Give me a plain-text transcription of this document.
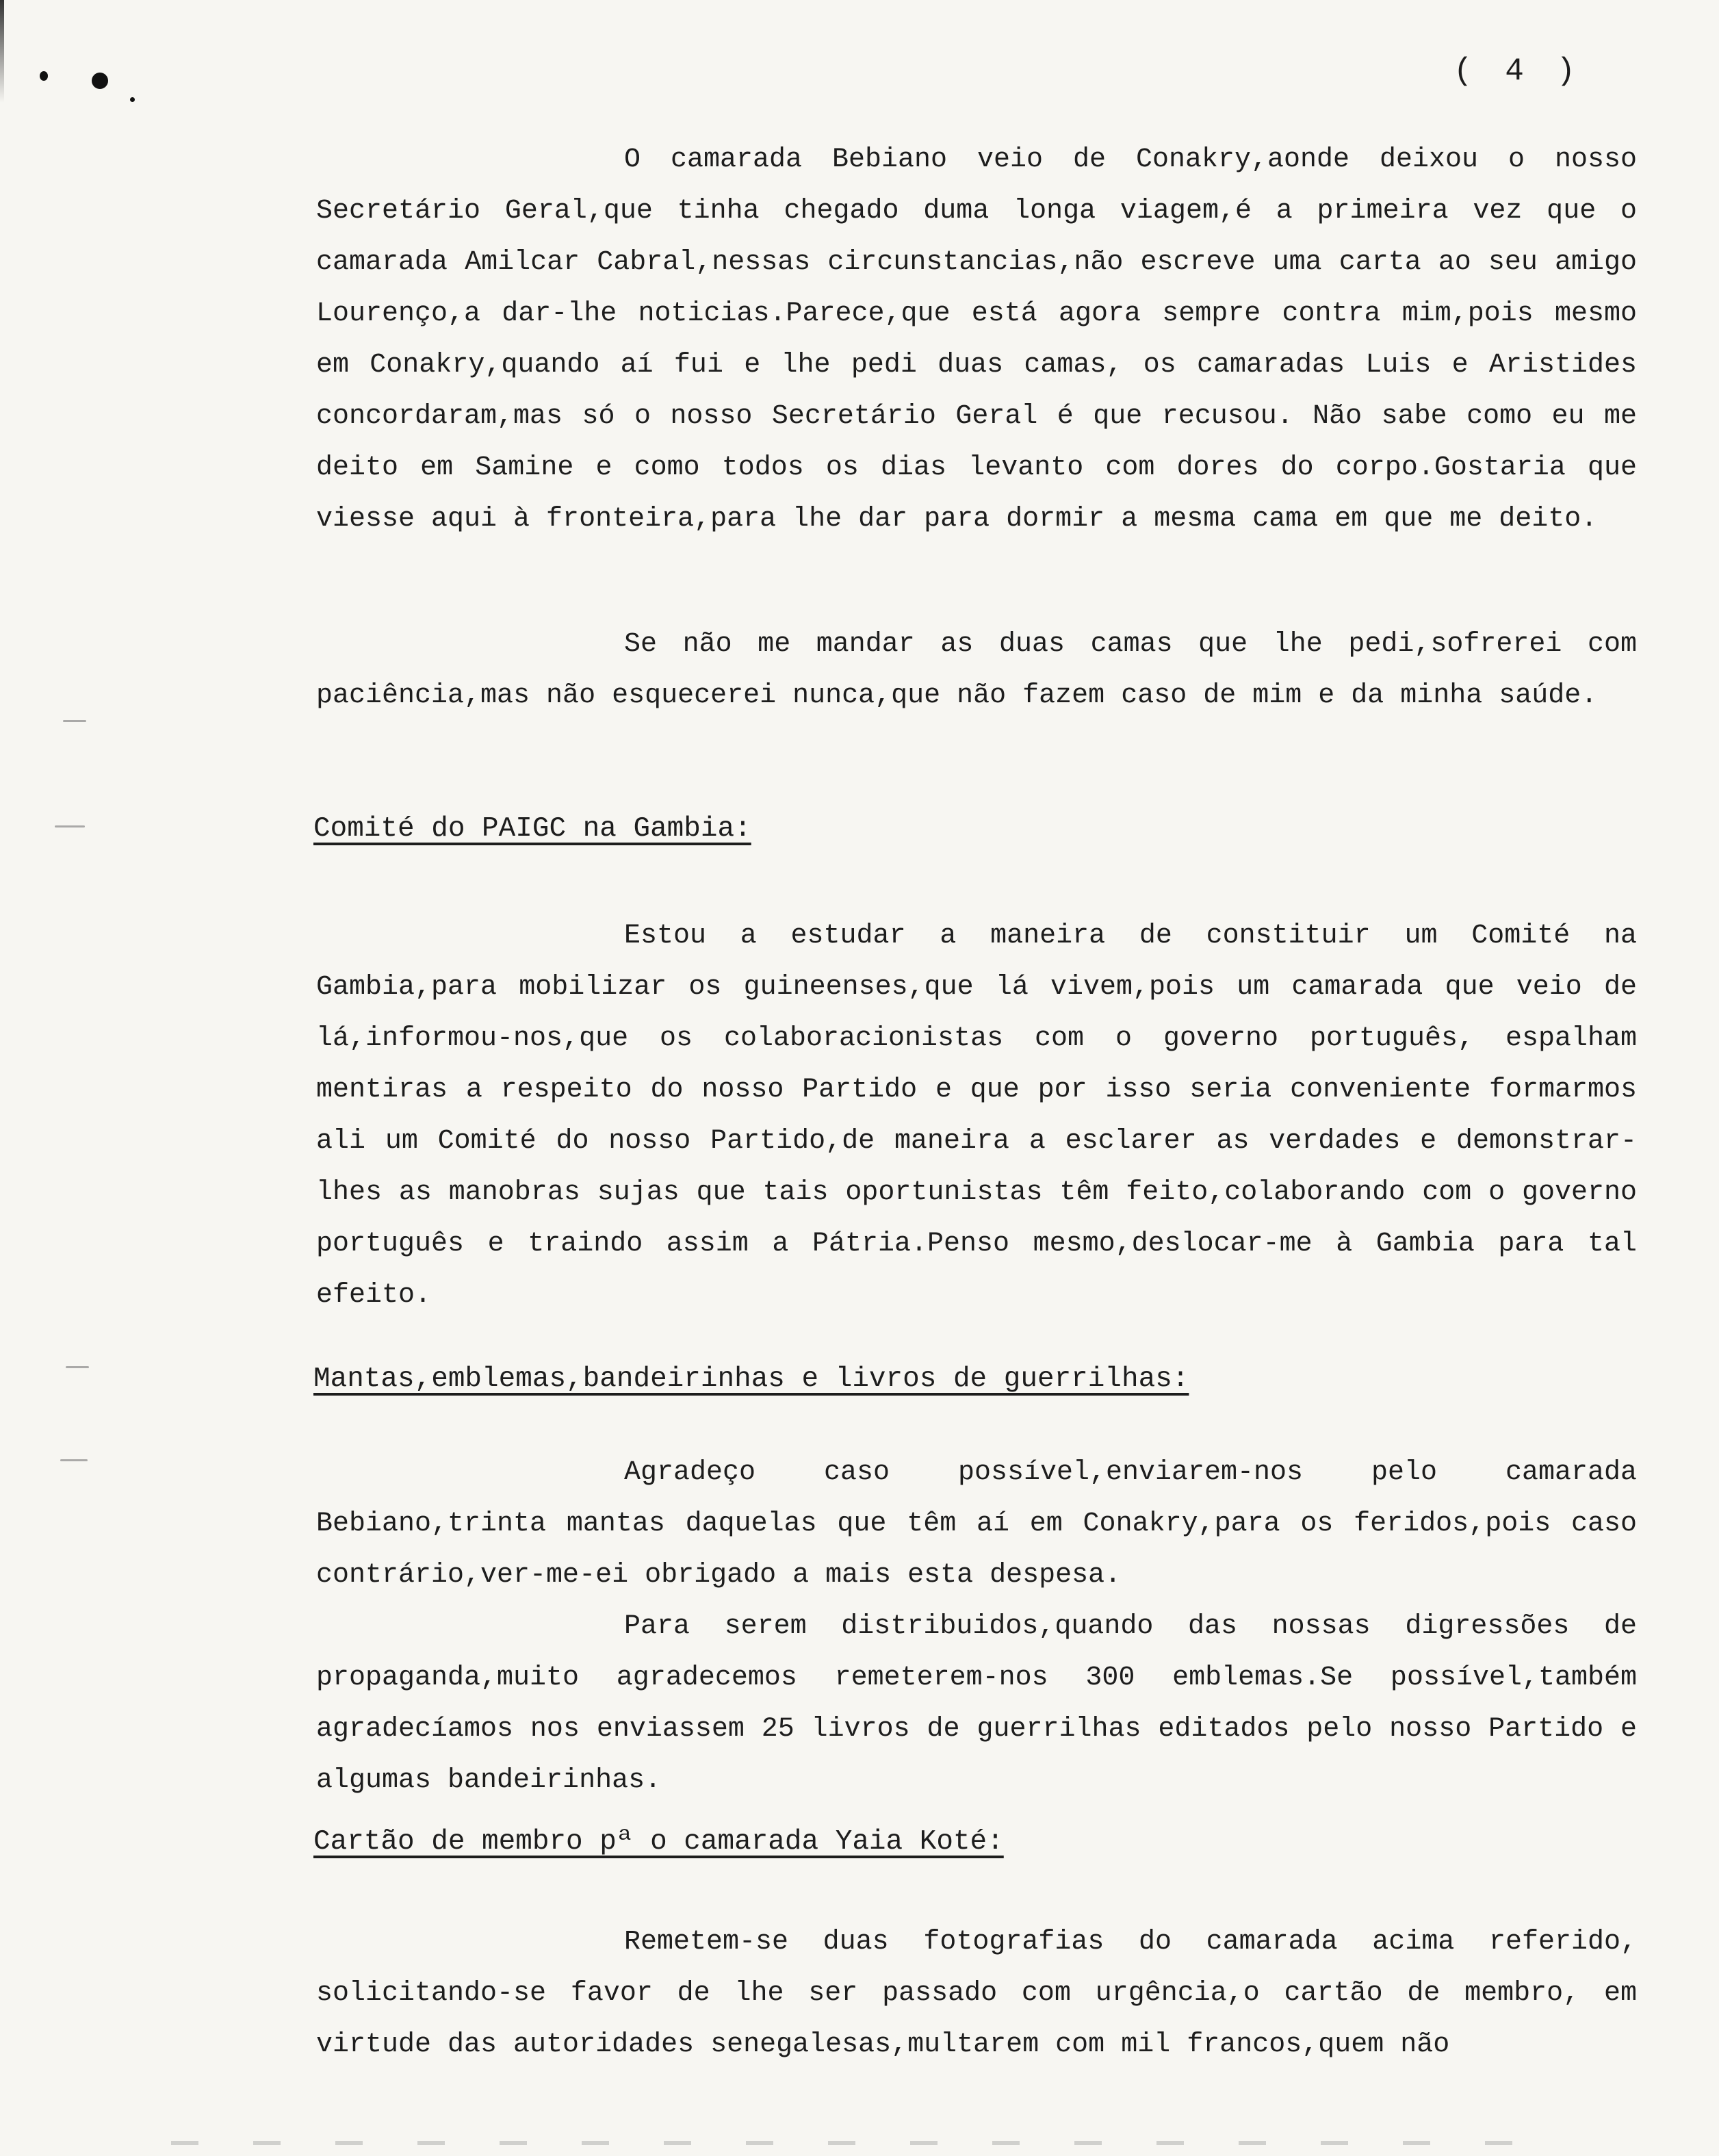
( 4 )

O camarada Bebiano veio de Conakry,aonde deixou o nosso Secretário Geral,que tinha chegado duma longa viagem,é a primeira vez que o camarada Amilcar Cabral,nessas circunstancias,não escreve uma carta ao seu amigo Lourenço,a dar-lhe noticias.Parece,que está agora sempre contra mim,pois mesmo em Conakry,quando aí fui e lhe pedi duas camas, os camaradas Luis e Aristides concordaram,mas só o nosso Secretário Geral é que recusou. Não sabe como eu me deito em Samine e como todos os dias levanto com dores do corpo.Gostaria que viesse aqui à fronteira,para lhe dar para dormir a mesma cama em que me deito.

Se não me mandar as duas camas que lhe pedi,sofrerei com paciência,mas não esquecerei nunca,que não fazem caso de mim e da minha saúde.

Comité do PAIGC na Gambia:

Estou a estudar a maneira de constituir um Comité na Gambia,para mobilizar os guineenses,que lá vivem,pois um camarada que veio de lá,informou-nos,que os colaboracionistas com o governo português, espalham mentiras a respeito do nosso Partido e que por isso seria conveniente formarmos ali um Comité do nosso Partido,de maneira a esclarer as verdades e demonstrar-lhes as manobras sujas que tais oportunistas têm feito,colaborando com o governo português e traindo assim a Pátria.Penso mesmo,deslocar-me à Gambia para tal efeito.

Mantas,emblemas,bandeirinhas e livros de guerrilhas:

Agradeço caso possível,enviarem-nos pelo camarada Bebiano,trinta mantas daquelas que têm aí em Conakry,para os feridos,pois caso contrário,ver-me-ei obrigado a mais esta despesa.

Para serem distribuidos,quando das nossas digressões de propaganda,muito agradecemos remeterem-nos 300 emblemas.Se possível,também agradecíamos nos enviassem 25 livros de guerrilhas editados pelo nosso Partido e algumas bandeirinhas.

Cartão de membro pª o camarada Yaia Koté:

Remetem-se duas fotografias do camarada acima referido, solicitando-se favor de lhe ser passado com urgência,o cartão de membro, em virtude das autoridades senegalesas,multarem com mil francos,quem não
